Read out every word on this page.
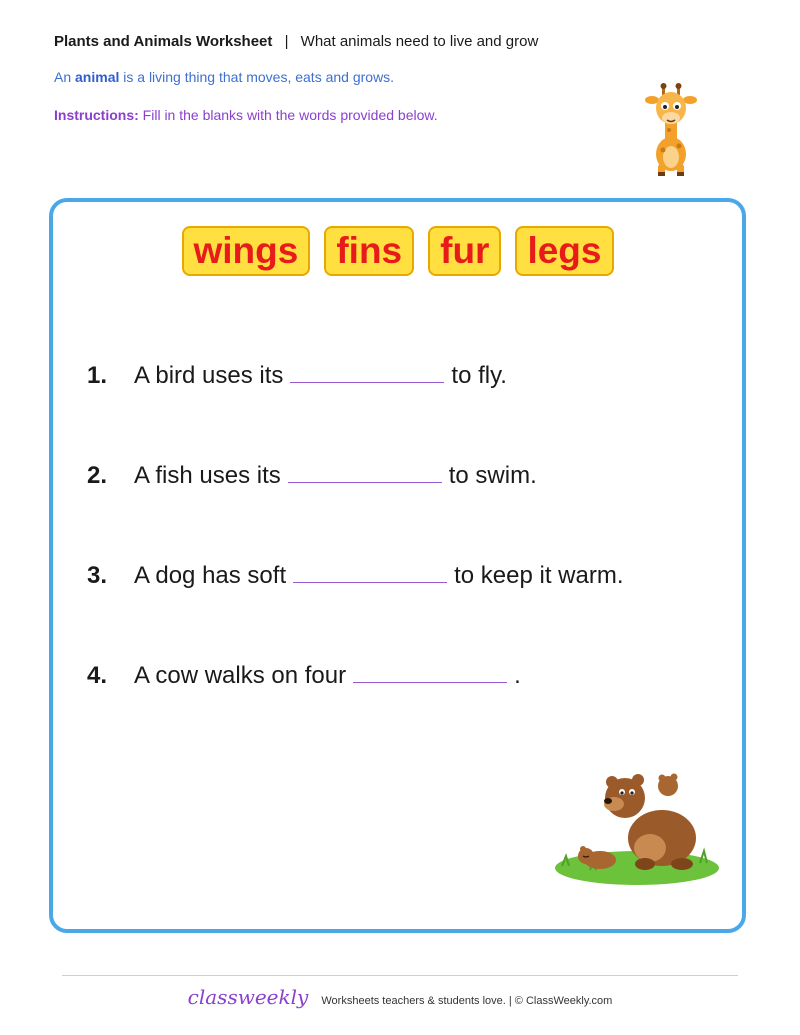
Plants and Animals Worksheet | What animals need to live and grow
An animal is a living thing that moves, eats and grows.
Instructions: Fill in the blanks with the words provided below.
wings	fins	fur	legs
1.	A bird uses its	to fly.
2.	A fish uses its	to swim.
3.	A dog has soft	to keep it warm.
4.	A cow walks on four	.
classweekly Worksheets teachers & students love. | © ClassWeekly.com
